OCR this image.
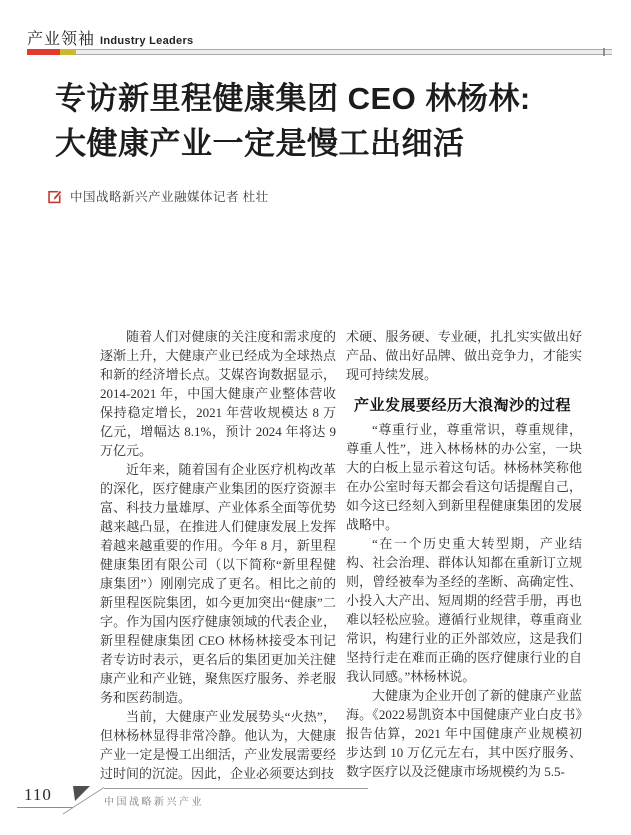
产业领袖 Industry Leaders
专访新里程健康集团 CEO 林杨林:
大健康产业一定是慢工出细活
中国战略新兴产业融媒体记者 杜壮

随着人们对健康的关注度和需求度的逐渐上升，大健康产业已经成为全球热点和新的经济增长点。艾媒咨询数据显示，2014-2021 年，中国大健康产业整体营收保持稳定增长，2021 年营收规模达 8 万亿元，增幅达 8.1%，预计 2024 年将达 9 万亿元。

近年来，随着国有企业医疗机构改革的深化，医疗健康产业集团的医疗资源丰富、科技力量雄厚、产业体系全面等优势越来越凸显，在推进人们健康发展上发挥着越来越重要的作用。今年 8 月，新里程健康集团有限公司（以下简称“新里程健康集团”）刚刚完成了更名。相比之前的新里程医院集团，如今更加突出“健康”二字。作为国内医疗健康领域的代表企业，新里程健康集团 CEO 林杨林接受本刊记者专访时表示，更名后的集团更加关注健康产业和产业链，聚焦医疗服务、养老服务和医药制造。

当前，大健康产业发展势头“火热”，但林杨林显得非常冷静。他认为，大健康产业一定是慢工出细活，产业发展需要经过时间的沉淀。因此，企业必须要达到技

术硬、服务硬、专业硬，扎扎实实做出好产品、做出好品牌、做出竞争力，才能实现可持续发展。

产业发展要经历大浪淘沙的过程

“尊重行业，尊重常识，尊重规律，尊重人性”，进入林杨林的办公室，一块大的白板上显示着这句话。林杨林笑称他在办公室时每天都会看这句话提醒自己，如今这已经刻入到新里程健康集团的发展战略中。

“在一个历史重大转型期，产业结构、社会治理、群体认知都在重新订立规则，曾经被奉为圣经的垄断、高确定性、小投入大产出、短周期的经营手册，再也难以轻松应验。遵循行业规律，尊重商业常识，构建行业的正外部效应，这是我们坚持行走在难而正确的医疗健康行业的自我认同感。”林杨林说。

大健康为企业开创了新的健康产业蓝海。《2022易凯资本中国健康产业白皮书》报告估算，2021 年中国健康产业规模初步达到 10 万亿元左右，其中医疗服务、数字医疗以及泛健康市场规模约为 5.5-

110	中国战略新兴产业
